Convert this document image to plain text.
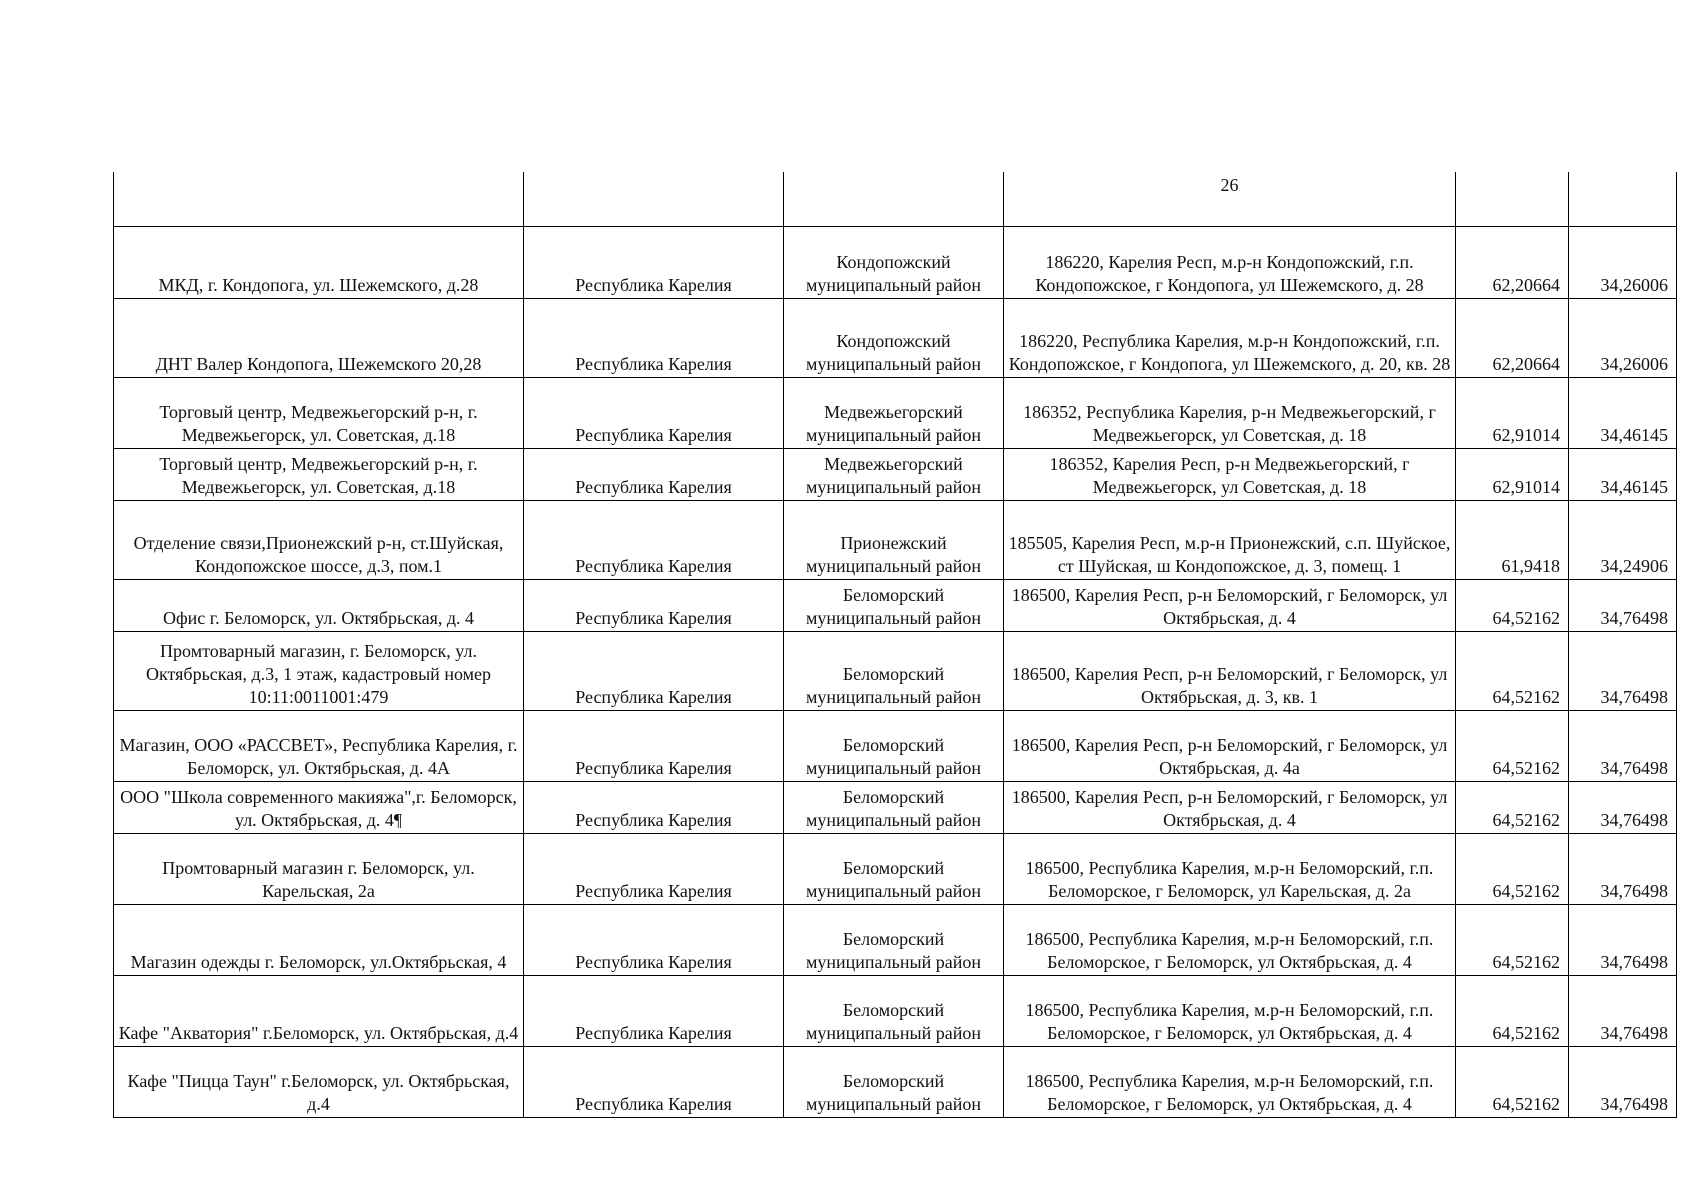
			26		

МКД, г. Кондопога, ул. Шежемского, д.28	Республика Карелия	Кондопожский муниципальный район	186220, Карелия Респ, м.р-н Кондопожский, г.п. Кондопожское, г Кондопога, ул Шежемского, д. 28	62,20664	34,26006
ДНТ Валер Кондопога, Шежемского 20,28	Республика Карелия	Кондопожский муниципальный район	186220, Республика Карелия, м.р-н Кондопожский, г.п. Кондопожское, г Кондопога, ул Шежемского, д. 20, кв. 28	62,20664	34,26006
Торговый центр, Медвежьегорский р-н, г. Медвежьегорск, ул. Советская, д.18	Республика Карелия	Медвежьегорский муниципальный район	186352, Республика Карелия, р-н Медвежьегорский, г Медвежьегорск, ул Советская, д. 18	62,91014	34,46145
Торговый центр, Медвежьегорский р-н, г. Медвежьегорск, ул. Советская, д.18	Республика Карелия	Медвежьегорский муниципальный район	186352, Карелия Респ, р-н Медвежьегорский, г Медвежьегорск, ул Советская, д. 18	62,91014	34,46145
Отделение связи,Прионежский р-н, ст.Шуйская, Кондопожское шоссе, д.3, пом.1	Республика Карелия	Прионежский муниципальный район	185505, Карелия Респ, м.р-н Прионежский, с.п. Шуйское, ст Шуйская, ш Кондопожское, д. 3, помещ. 1	61,9418	34,24906
Офис г. Беломорск, ул. Октябрьская, д. 4	Республика Карелия	Беломорский муниципальный район	186500, Карелия Респ, р-н Беломорский, г Беломорск, ул Октябрьская, д. 4	64,52162	34,76498
Промтоварный магазин, г. Беломорск, ул. Октябрьская, д.3, 1 этаж, кадастровый номер 10:11:0011001:479	Республика Карелия	Беломорский муниципальный район	186500, Карелия Респ, р-н Беломорский, г Беломорск, ул Октябрьская, д. 3, кв. 1	64,52162	34,76498
Магазин, ООО «РАССВЕТ», Республика Карелия, г. Беломорск, ул. Октябрьская, д. 4А	Республика Карелия	Беломорский муниципальный район	186500, Карелия Респ, р-н Беломорский, г Беломорск, ул Октябрьская, д. 4а	64,52162	34,76498
ООО "Школа современного макияжа",г. Беломорск, ул. Октябрьская, д. 4¶	Республика Карелия	Беломорский муниципальный район	186500, Карелия Респ, р-н Беломорский, г Беломорск, ул Октябрьская, д. 4	64,52162	34,76498
Промтоварный магазин г. Беломорск, ул. Карельская, 2а	Республика Карелия	Беломорский муниципальный район	186500, Республика Карелия, м.р-н Беломорский, г.п. Беломорское, г Беломорск, ул Карельская, д. 2а	64,52162	34,76498
Магазин одежды г. Беломорск, ул.Октябрьская, 4	Республика Карелия	Беломорский муниципальный район	186500, Республика Карелия, м.р-н Беломорский, г.п. Беломорское, г Беломорск, ул Октябрьская, д. 4	64,52162	34,76498
Кафе "Акватория" г.Беломорск, ул. Октябрьская, д.4	Республика Карелия	Беломорский муниципальный район	186500, Республика Карелия, м.р-н Беломорский, г.п. Беломорское, г Беломорск, ул Октябрьская, д. 4	64,52162	34,76498
Кафе "Пицца Таун" г.Беломорск, ул. Октябрьская, д.4	Республика Карелия	Беломорский муниципальный район	186500, Республика Карелия, м.р-н Беломорский, г.п. Беломорское, г Беломорск, ул Октябрьская, д. 4	64,52162	34,76498
